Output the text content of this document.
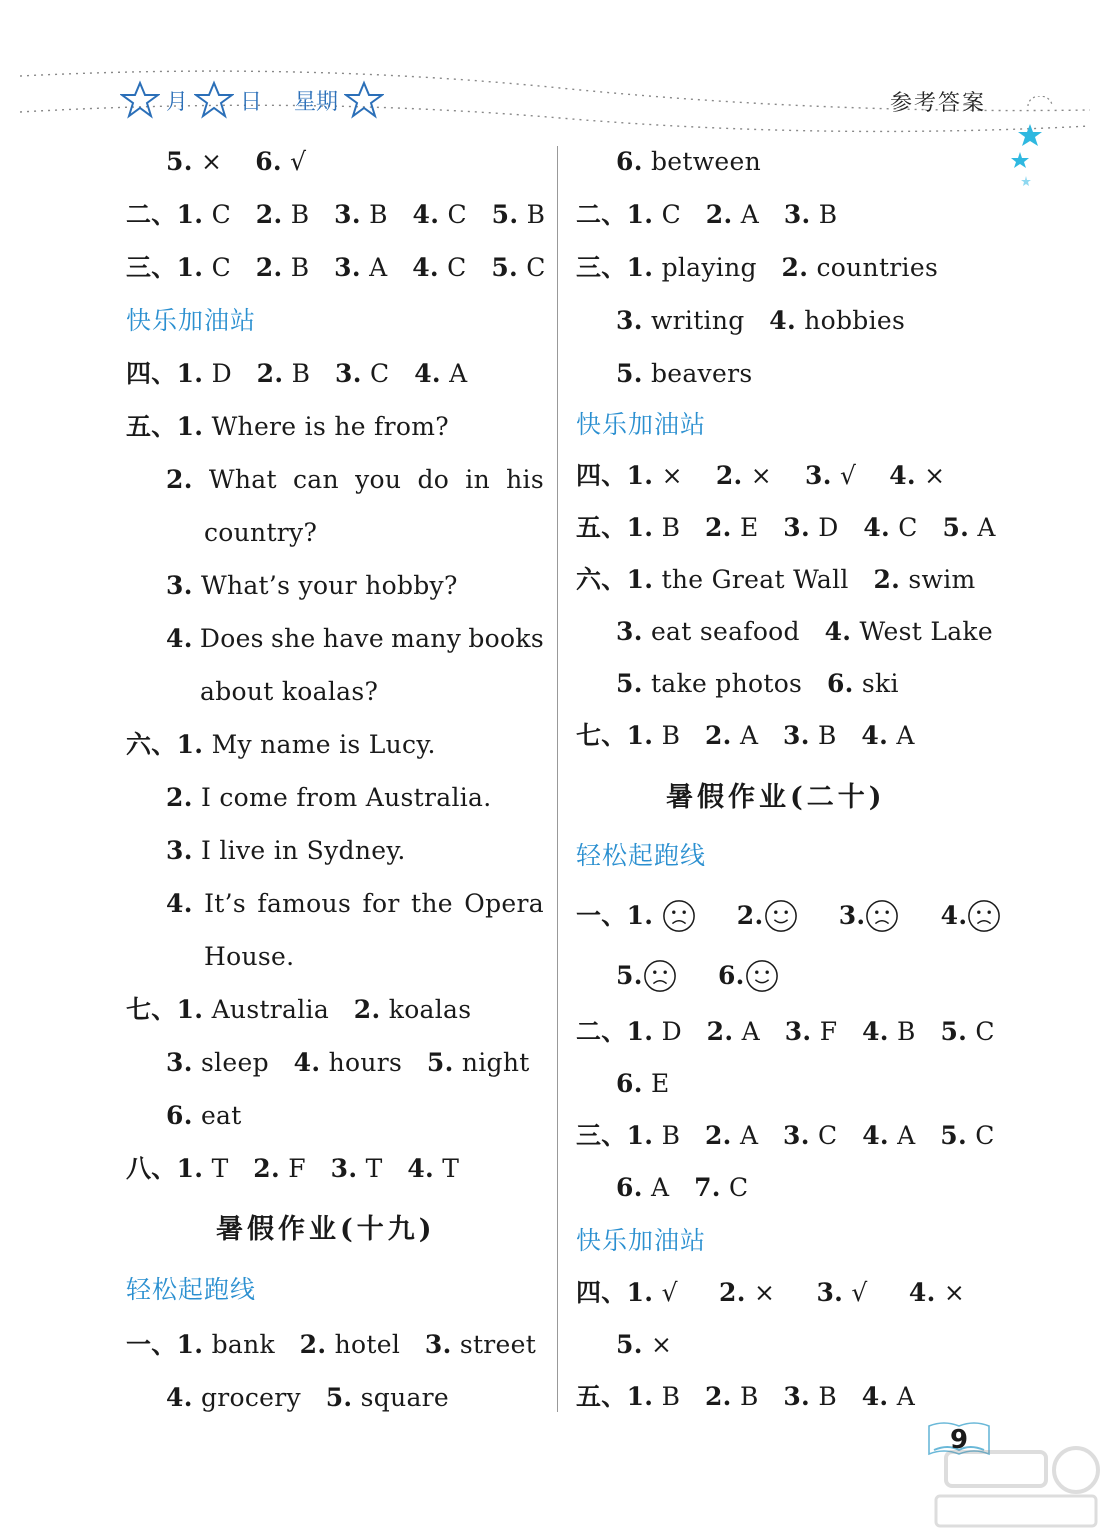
月 日 星期	参考答案
5. × 6. √
二、1. C 2. B 3. B 4. C 5. B
三、1. C 2. B 3. A 4. C 5. C
快乐加油站
四、1. D 2. B 3. C 4. A
五、1. Where is he from?
2. What can you do in his
country?
3. What’s your hobby?
4. Does she have many books
about koalas?
六、1. My name is Lucy.
2. I come from Australia.
3. I live in Sydney.
4. It’s famous for the Opera
House.
七、1. Australia 2. koalas
3. sleep 4. hours 5. night
6. eat
八、1. T 2. F 3. T 4. T
暑假作业(十九)
轻松起跑线
一、1. bank 2. hotel 3. street
4. grocery 5. square
6. between
二、1. C 2. A 3. B
三、1. playing 2. countries
3. writing 4. hobbies
5. beavers
快乐加油站
四、1. × 2. × 3. √ 4. ×
五、1. B 2. E 3. D 4. C 5. A
六、1. the Great Wall 2. swim
3. eat seafood 4. West Lake
5. take photos 6. ski
七、1. B 2. A 3. B 4. A
暑假作业(二十)
轻松起跑线
一、 1.

	2.
	3.
	4.
5.
	6.
二、1. D 2. A 3. F 4. B 5. C
6. E
三、1. B 2. A 3. C 4. A 5. C
6. A 7. C
快乐加油站
四、1. √ 2. × 3. √ 4. ×
5. ×
五、1. B 2. B 3. B 4. A
9
